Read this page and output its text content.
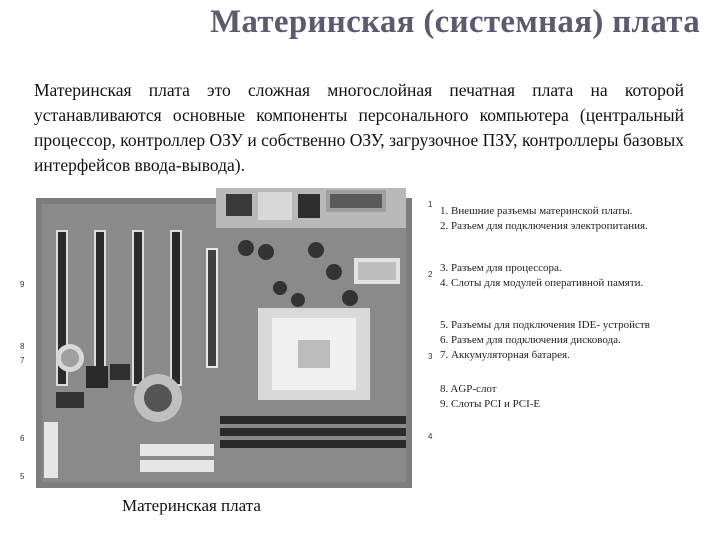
Материнская (системная) плата
Материнская плата это сложная многослойная печатная плата на которой устанавливаются основные компоненты персонального компьютера (центральный процессор, контроллер ОЗУ и собственно ОЗУ, загрузочное ПЗУ, контроллеры базовых интерфейсов ввода-вывода).
9
8
7
6
5
1
2
3
4
1. Внешние разъемы материнской платы.
2. Разъем для подключения электропитания.
3. Разъем для процессора.
4. Слоты для модулей оперативной памяти.
5. Разъемы для подключения IDE- устройств
6. Разъем для подключения дисковода.
7. Аккумуляторная батарея.
8. AGP-слот
9. Слоты PCI и PCI-E
Материнская плата
